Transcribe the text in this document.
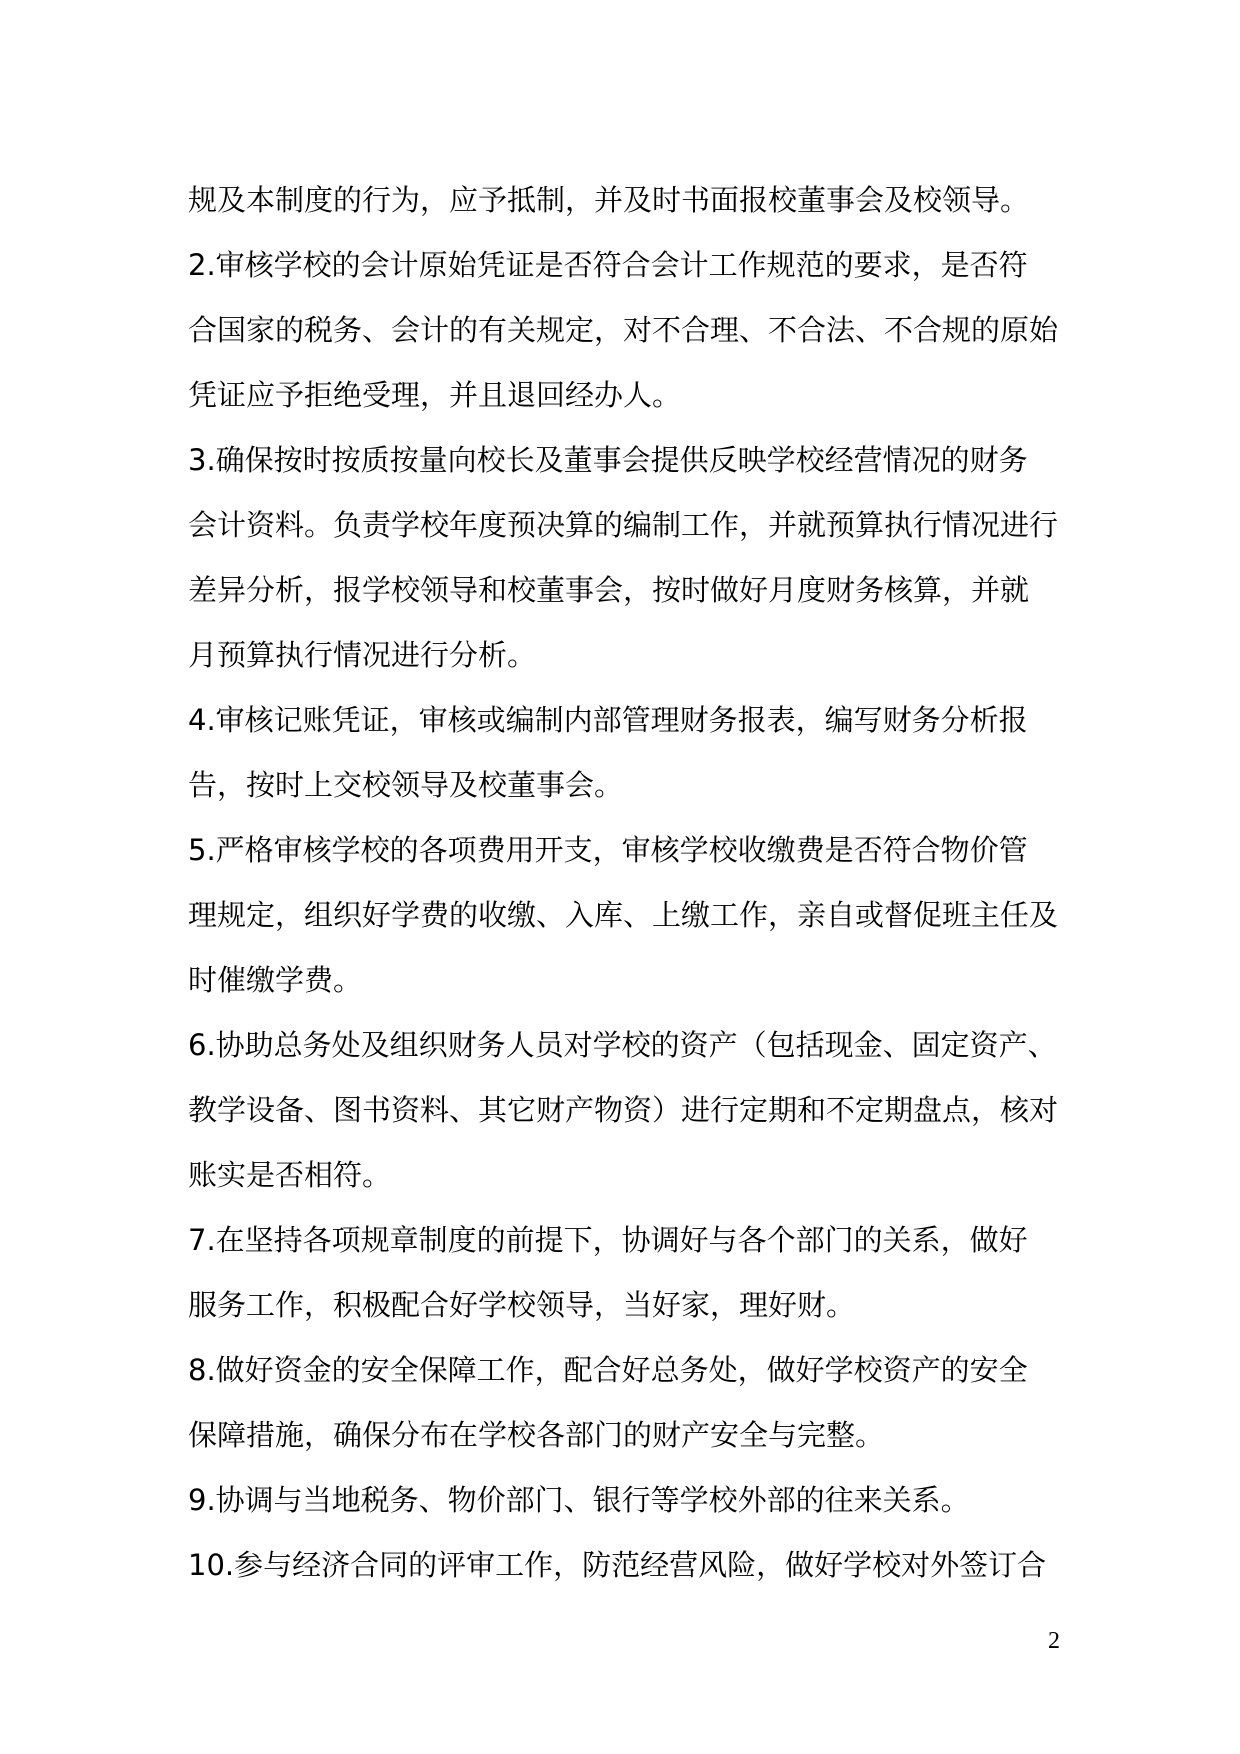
规及本制度的行为，应予抵制，并及时书面报校董事会及校领导。
2.审核学校的会计原始凭证是否符合会计工作规范的要求，是否符
合国家的税务、会计的有关规定，对不合理、不合法、不合规的原始
凭证应予拒绝受理，并且退回经办人。
3.确保按时按质按量向校长及董事会提供反映学校经营情况的财务
会计资料。负责学校年度预决算的编制工作，并就预算执行情况进行
差异分析，报学校领导和校董事会，按时做好月度财务核算，并就
月预算执行情况进行分析。
4.审核记账凭证，审核或编制内部管理财务报表，编写财务分析报
告，按时上交校领导及校董事会。
5.严格审核学校的各项费用开支，审核学校收缴费是否符合物价管
理规定，组织好学费的收缴、入库、上缴工作，亲自或督促班主任及
时催缴学费。
6.协助总务处及组织财务人员对学校的资产（包括现金、固定资产、
教学设备、图书资料、其它财产物资）进行定期和不定期盘点，核对
账实是否相符。
7.在坚持各项规章制度的前提下，协调好与各个部门的关系，做好
服务工作，积极配合好学校领导，当好家，理好财。
8.做好资金的安全保障工作，配合好总务处，做好学校资产的安全
保障措施，确保分布在学校各部门的财产安全与完整。
9.协调与当地税务、物价部门、银行等学校外部的往来关系。
10.参与经济合同的评审工作，防范经营风险，做好学校对外签订合
2
